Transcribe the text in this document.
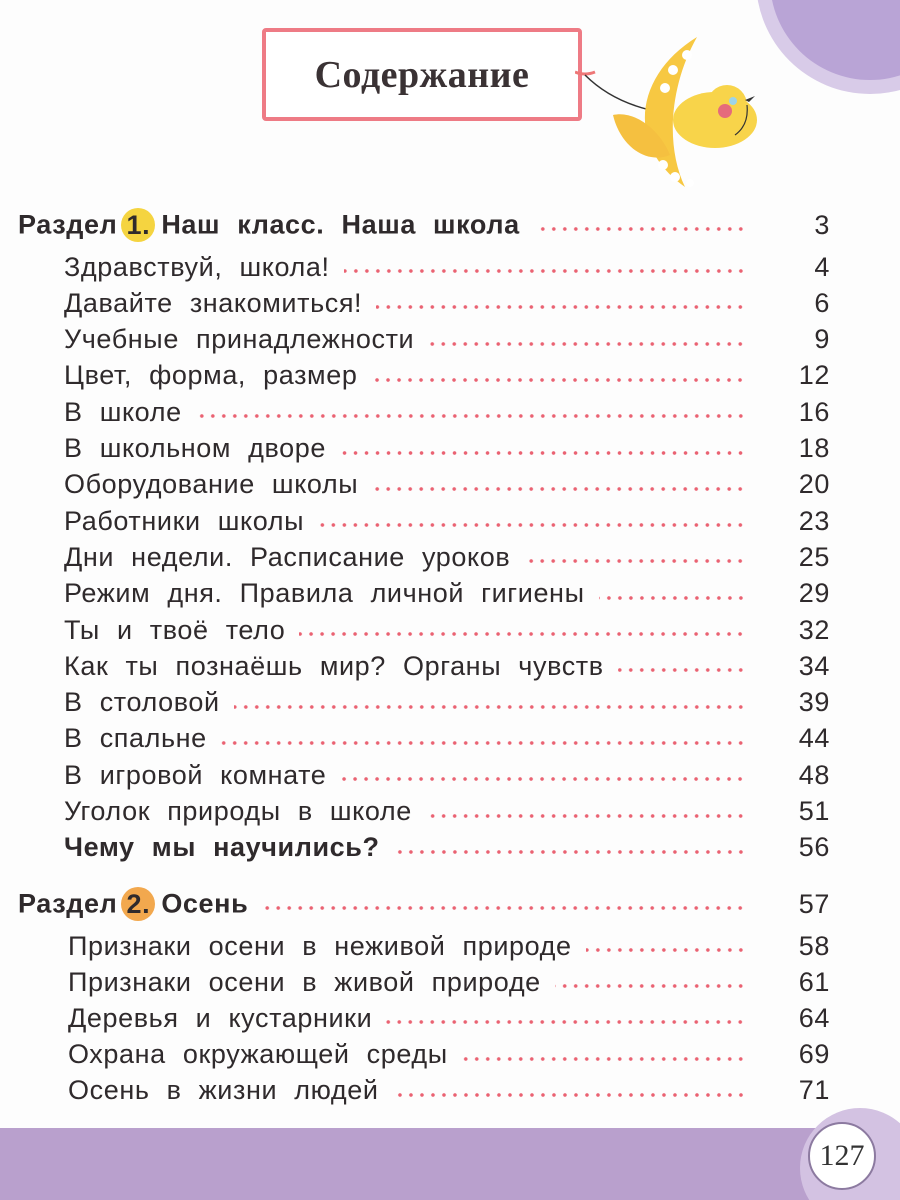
Содержание
Раздел 1. Наш класс. Наша школа	3
Здравствуй, школа!	4
Давайте знакомиться!	6
Учебные принадлежности	9
Цвет, форма, размер	12
В школе	16
В школьном дворе	18
Оборудование школы	20
Работники школы	23
Дни недели. Расписание уроков	25
Режим дня. Правила личной гигиены	29
Ты и твоё тело	32
Как ты познаёшь мир? Органы чувств	34
В столовой	39
В спальне	44
В игровой комнате	48
Уголок природы в школе	51
Чему мы научились?	56
Раздел 2. Осень	57
Признаки осени в неживой природе	58
Признаки осени в живой природе	61
Деревья и кустарники	64
Охрана окружающей среды	69
Осень в жизни людей	71
127
